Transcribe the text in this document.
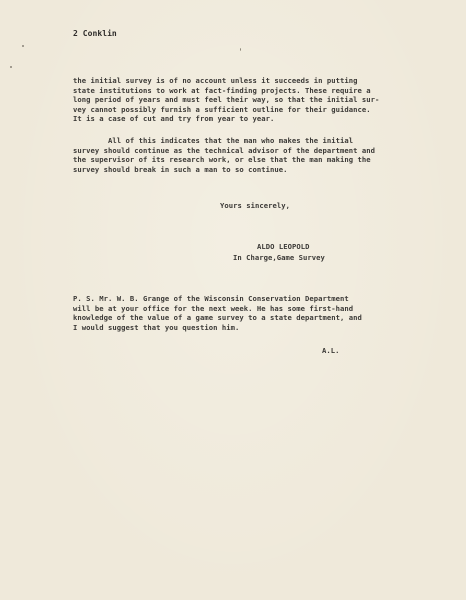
2 Conklin
the initial survey is of no account unless it succeeds in putting
state institutions to work at fact-finding projects. These require a
long period of years and must feel their way, so that the initial sur-
vey cannot possibly furnish a sufficient outline for their guidance.
It is a case of cut and try from year to year.
All of this indicates that the man who makes the initial
survey should continue as the technical advisor of the department and
the supervisor of its research work, or else that the man making the
survey should break in such a man to so continue.
Yours sincerely,
ALDO LEOPOLD
In Charge,Game Survey
P. S. Mr. W. B. Grange of the Wisconsin Conservation Department
will be at your office for the next week. He has some first-hand
knowledge of the value of a game survey to a state department, and
I would suggest that you question him.
A.L.
